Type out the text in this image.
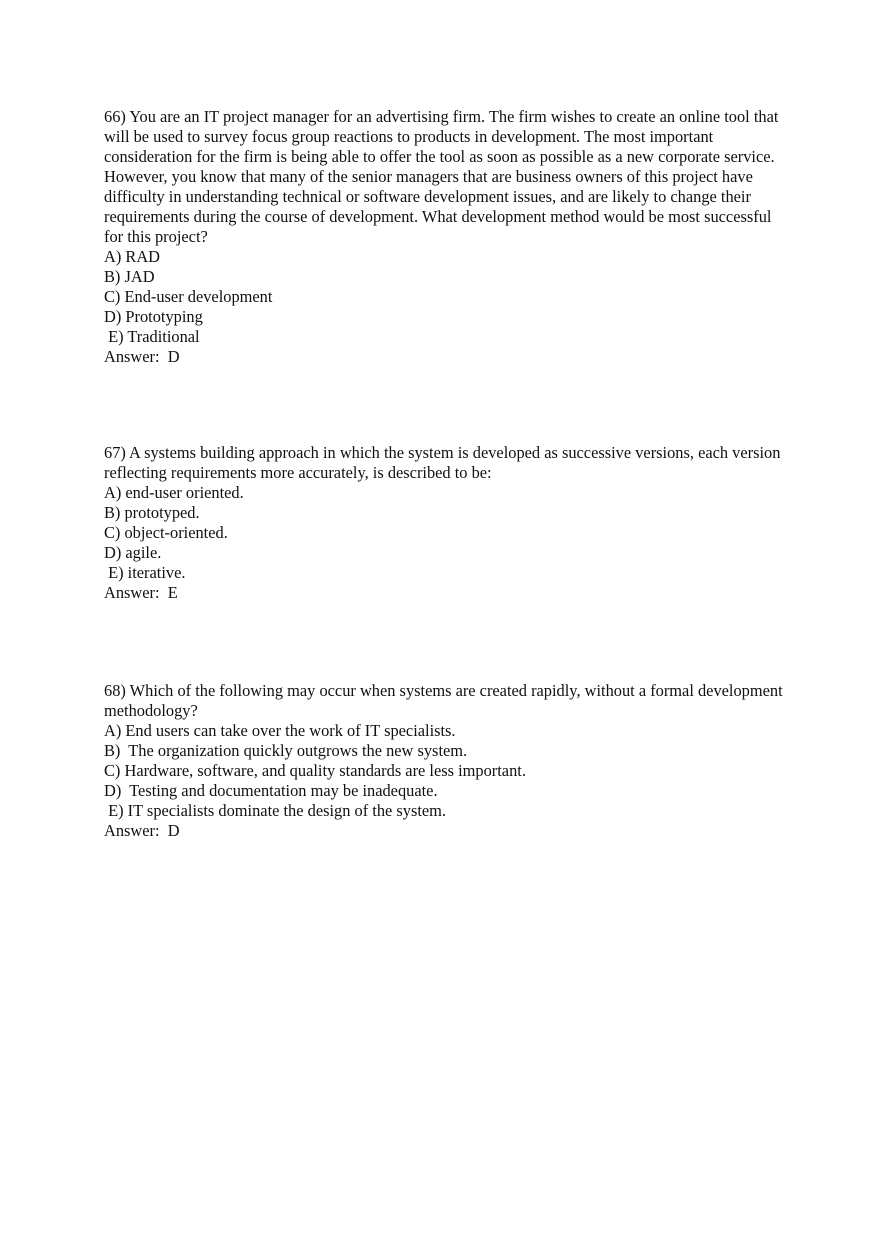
66) You are an IT project manager for an advertising firm. The firm wishes to create an online tool that will be used to survey focus group reactions to products in development. The most important consideration for the firm is being able to offer the tool as soon as possible as a new corporate service. However, you know that many of the senior managers that are business owners of this project have difficulty in understanding technical or software development issues, and are likely to change their requirements during the course of development. What development method would be most successful for this project?

A) RAD
B) JAD
C) End-user development
D) Prototyping
E) Traditional

Answer:  D

67) A systems building approach in which the system is developed as successive versions, each version reflecting requirements more accurately, is described to be:

A) end-user oriented.
B) prototyped.
C) object-oriented.
D) agile.
E) iterative.

Answer:  E

68) Which of the following may occur when systems are created rapidly, without a formal development methodology?

A) End users can take over the work of IT specialists.
B)  The organization quickly outgrows the new system.
C) Hardware, software, and quality standards are less important.
D)  Testing and documentation may be inadequate.
E) IT specialists dominate the design of the system.

Answer:  D
